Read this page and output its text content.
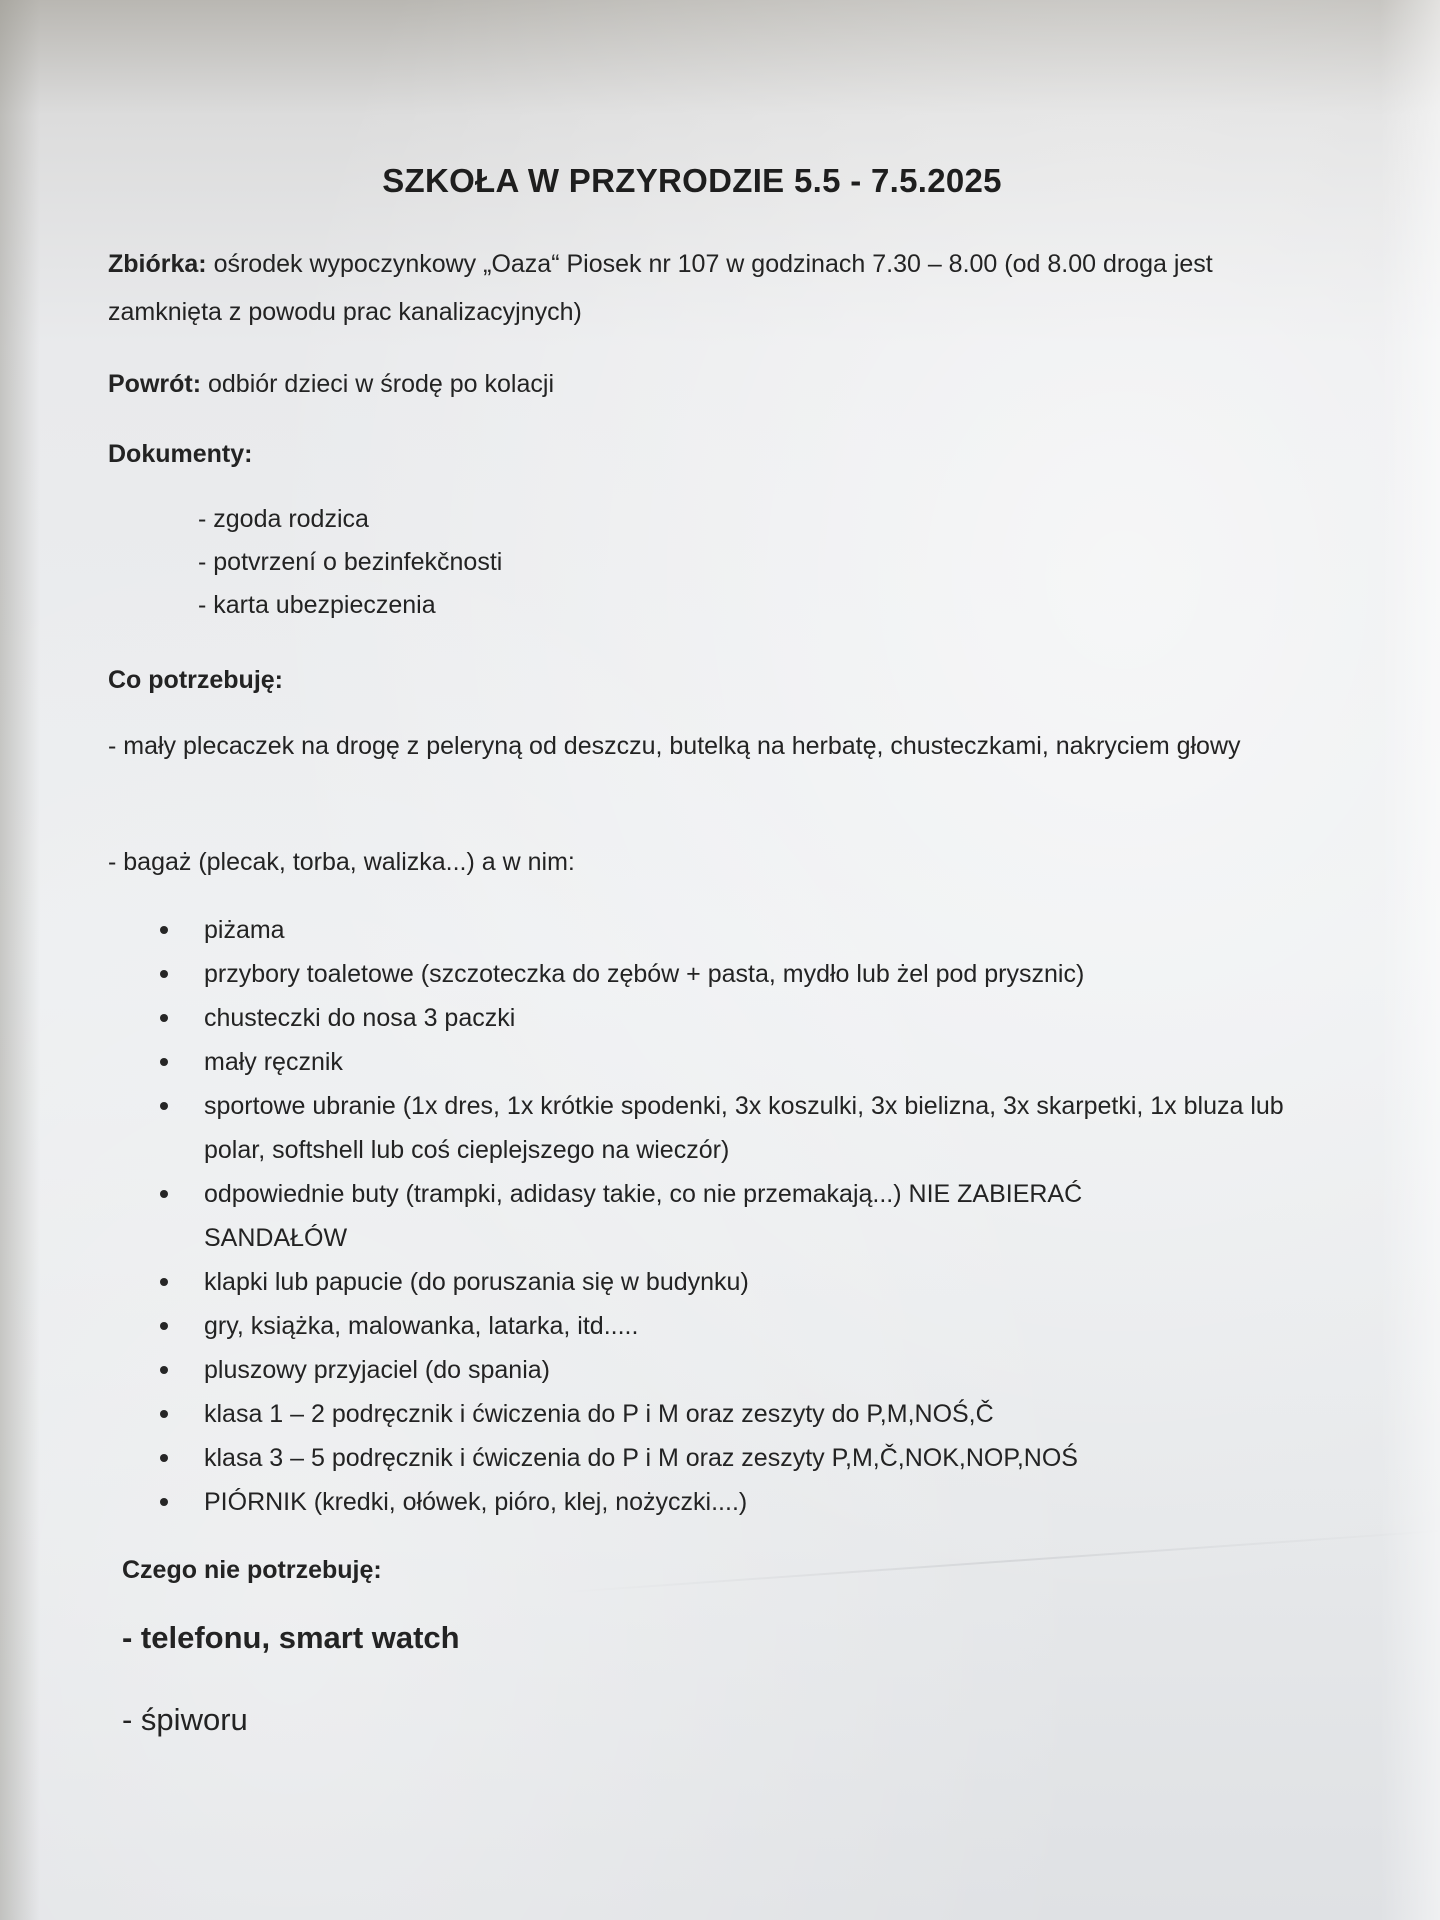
SZKOŁA W PRZYRODZIE 5.5 - 7.5.2025

Zbiórka: ośrodek wypoczynkowy „Oaza“ Piosek nr 107 w godzinach 7.30 – 8.00 (od 8.00 droga jest zamknięta z powodu prac kanalizacyjnych)

Powrót: odbiór dzieci w środę po kolacji

Dokumenty:

- zgoda rodzica
- potvrzení o bezinfekčnosti
- karta ubezpieczenia

Co potrzebuję:

- mały plecaczek na drogę z peleryną od deszczu, butelką na herbatę, chusteczkami, nakryciem głowy

- bagaż (plecak, torba, walizka...) a w nim:

piżama
przybory toaletowe (szczoteczka do zębów + pasta, mydło lub żel pod prysznic)
chusteczki do nosa 3 paczki
mały ręcznik
sportowe ubranie (1x dres, 1x krótkie spodenki, 3x koszulki, 3x bielizna, 3x skarpetki, 1x bluza lub polar, softshell lub coś cieplejszego na wieczór)
odpowiednie buty (trampki, adidasy takie, co nie przemakają...) NIE ZABIERAĆ SANDAŁÓW
klapki lub papucie (do poruszania się w budynku)
gry, książka, malowanka, latarka, itd.....
pluszowy przyjaciel (do spania)
klasa 1 – 2 podręcznik i ćwiczenia do P i M oraz zeszyty do P,M,NOŚ,Č
klasa 3 – 5 podręcznik i ćwiczenia do P i M oraz zeszyty P,M,Č,NOK,NOP,NOŚ
PIÓRNIK (kredki, ołówek, pióro, klej, nożyczki....)

Czego nie potrzebuję:

- telefonu, smart watch

- śpiworu
